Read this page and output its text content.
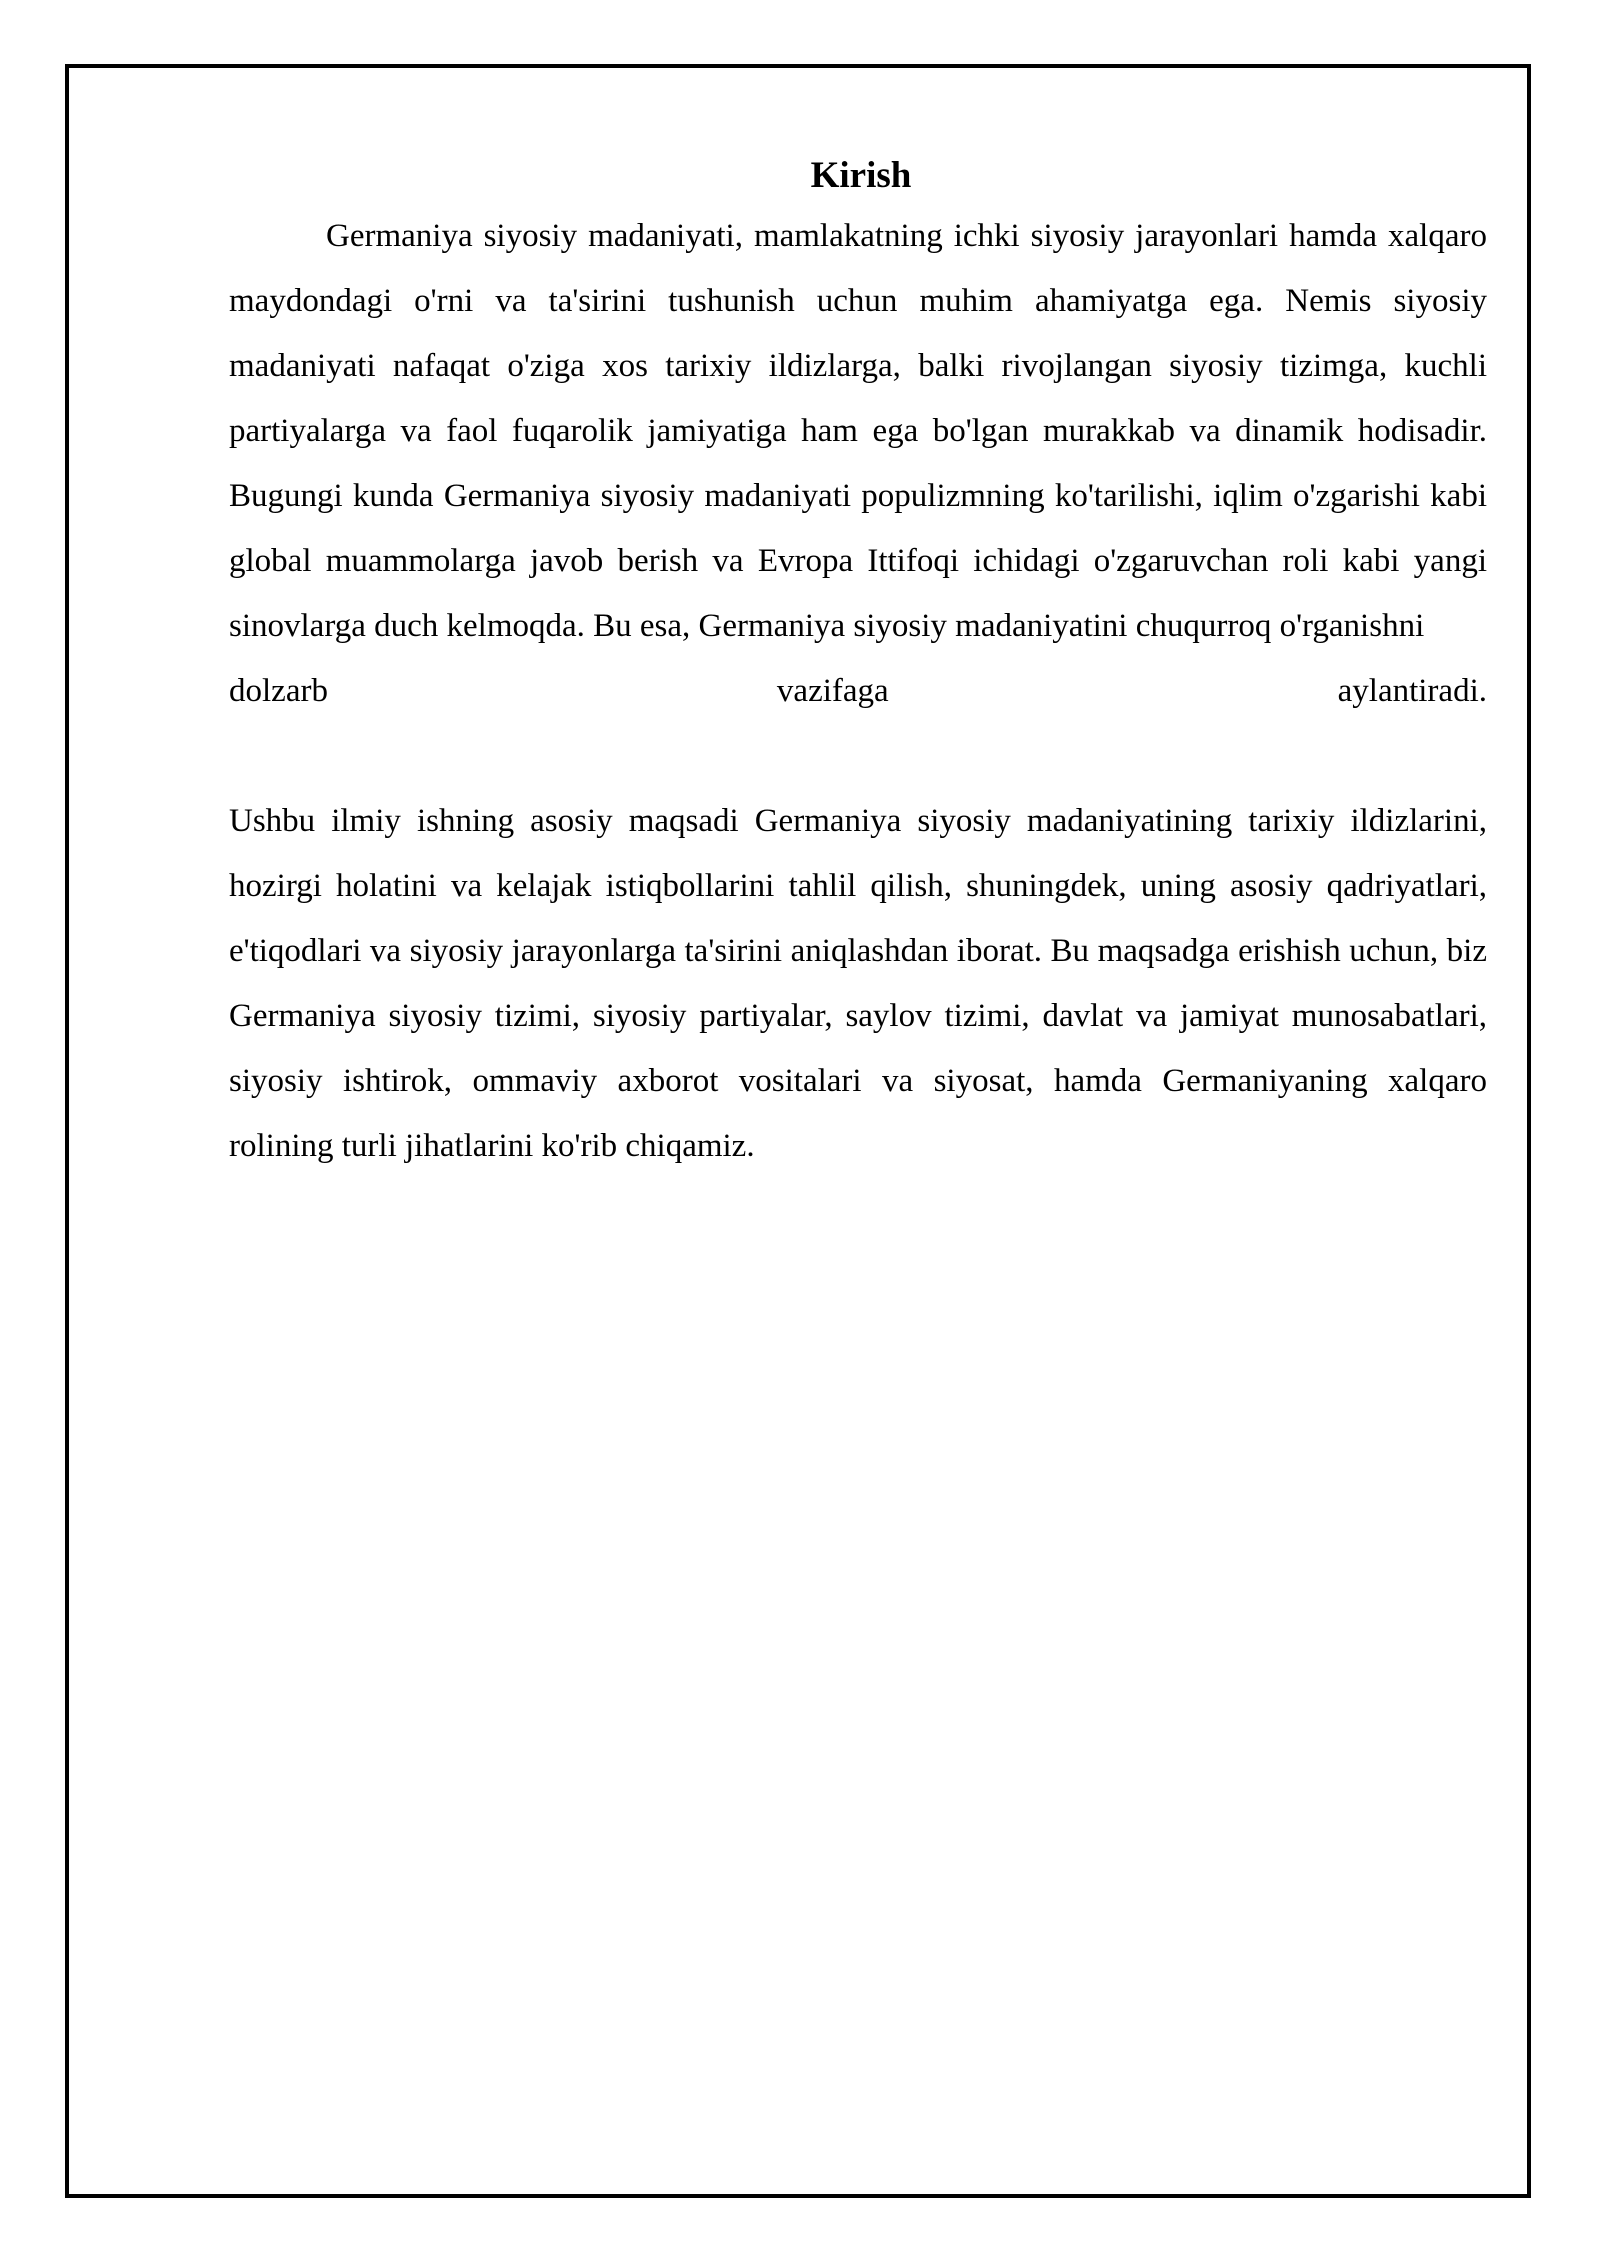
Kirish

Germaniya siyosiy madaniyati, mamlakatning ichki siyosiy jarayonlari hamda xalqaro maydondagi o'rni va ta'sirini tushunish uchun muhim ahamiyatga ega. Nemis siyosiy madaniyati nafaqat o'ziga xos tarixiy ildizlarga, balki rivojlangan siyosiy tizimga, kuchli partiyalarga va faol fuqarolik jamiyatiga ham ega bo'lgan murakkab va dinamik hodisadir. Bugungi kunda Germaniya siyosiy madaniyati populizmning ko'tarilishi, iqlim o'zgarishi kabi global muammolarga javob berish va Evropa Ittifoqi ichidagi o'zgaruvchan roli kabi yangi sinovlarga duch kelmoqda. Bu esa, Germaniya siyosiy madaniyatini chuqurroq o'rganishni
dolzarb vazifaga aylantiradi.

Ushbu ilmiy ishning asosiy maqsadi Germaniya siyosiy madaniyatining tarixiy ildizlarini, hozirgi holatini va kelajak istiqbollarini tahlil qilish, shuningdek, uning asosiy qadriyatlari, e'tiqodlari va siyosiy jarayonlarga ta'sirini aniqlashdan iborat. Bu maqsadga erishish uchun, biz Germaniya siyosiy tizimi, siyosiy partiyalar, saylov tizimi, davlat va jamiyat munosabatlari, siyosiy ishtirok, ommaviy axborot vositalari va siyosat, hamda Germaniyaning xalqaro rolining turli jihatlarini ko'rib chiqamiz.
